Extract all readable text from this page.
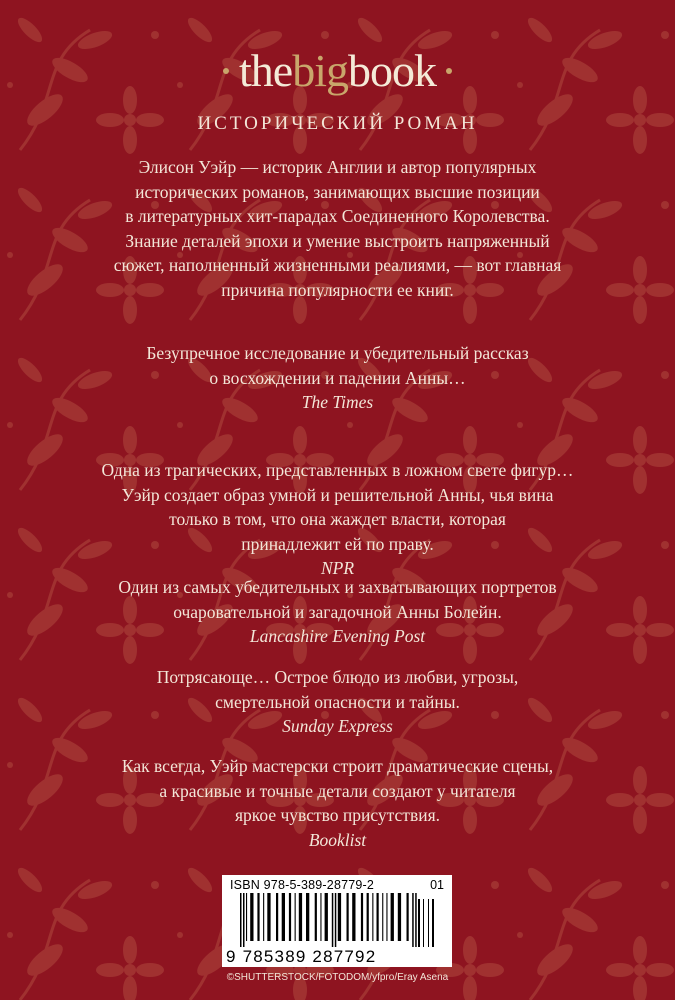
thebigbook
ИСТОРИЧЕСКИЙ РОМАН
Элисон Уэйр — историк Англии и автор популярных
исторических романов, занимающих высшие позиции
в литературных хит-парадах Соединенного Королевства.
Знание деталей эпохи и умение выстроить напряженный
сюжет, наполненный жизненными реалиями, — вот главная
причина популярности ее книг.
Безупречное исследование и убедительный рассказ
о восхождении и падении Анны…
The Times
Одна из трагических, представленных в ложном свете фигур…
Уэйр создает образ умной и решительной Анны, чья вина
только в том, что она жаждет власти, которая
принадлежит ей по праву.
NPR
Один из самых убедительных и захватывающих портретов
очаровательной и загадочной Анны Болейн.
Lancashire Evening Post
Потрясающе… Острое блюдо из любви, угрозы,
смертельной опасности и тайны.
Sunday Express
Как всегда, Уэйр мастерски строит драматические сцены,
а красивые и точные детали создают у читателя
яркое чувство присутствия.
Booklist
ISBN 978-5-389-28779-2	01
9 785389 287792
©SHUTTERSTOCK/FOTODOM/yfpro/Eray Asena
